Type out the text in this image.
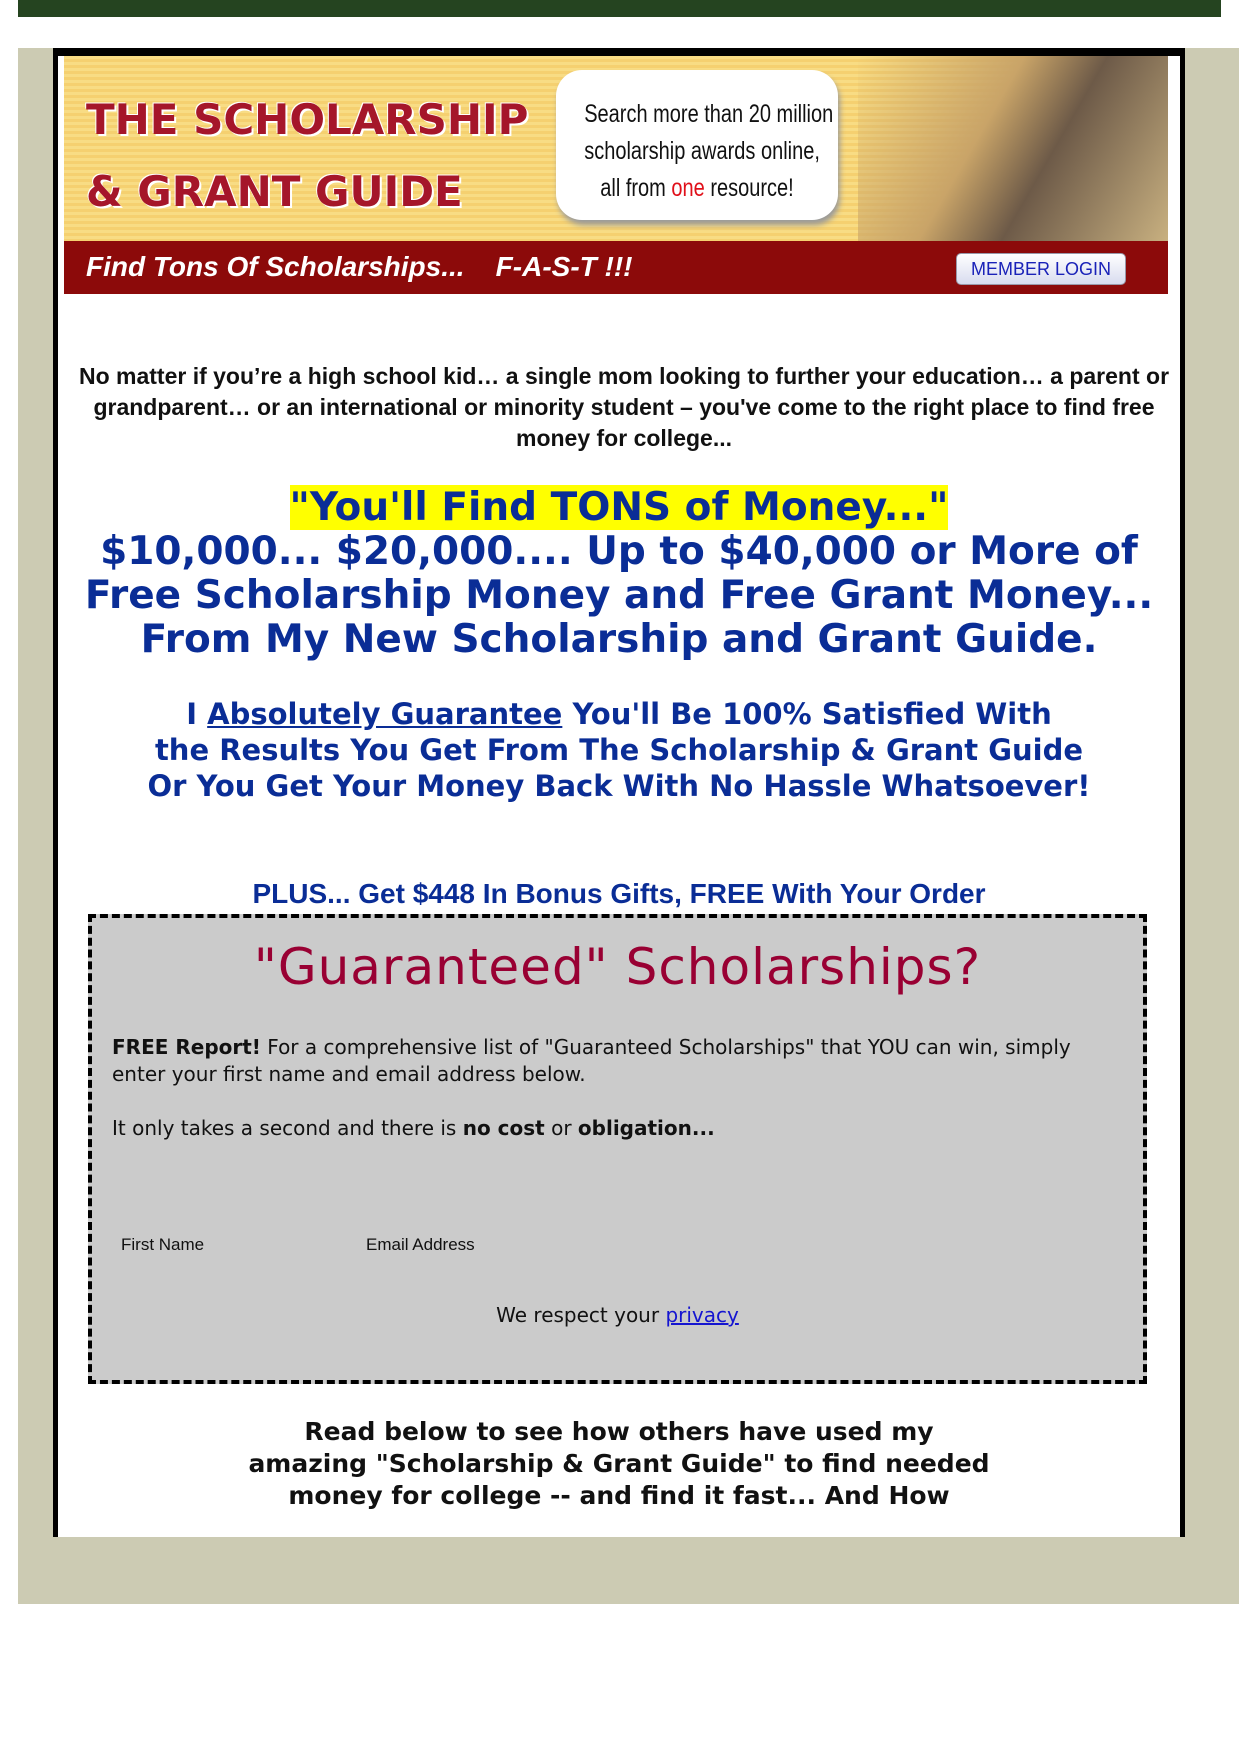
THE SCHOLARSHIP
& GRANT GUIDE
Search more than 20 million
scholarship awards online,
all from one resource!
Find Tons Of Scholarships...    F-A-S-T !!!	MEMBER LOGIN
No matter if you’re a high school kid… a single mom looking to further your education… a parent or grandparent… or an international or minority student – you've come to the right place to find free money for college...
"You'll Find TONS of Money..."
$10,000... $20,000.... Up to $40,000 or More of
Free Scholarship Money and Free Grant Money...
From My New Scholarship and Grant Guide.
I Absolutely Guarantee You'll Be 100% Satisfied With
the Results You Get From The Scholarship & Grant Guide
Or You Get Your Money Back With No Hassle Whatsoever!
PLUS... Get $448 In Bonus Gifts, FREE With Your Order
"Guaranteed" Scholarships?

FREE Report! For a comprehensive list of "Guaranteed Scholarships" that YOU can win, simply enter your first name and email address below.

It only takes a second and there is no cost or obligation...

First Name	Email Address
We respect your privacy
Read below to see how others have used my
amazing "Scholarship & Grant Guide" to find needed
money for college -- and find it fast... And How
